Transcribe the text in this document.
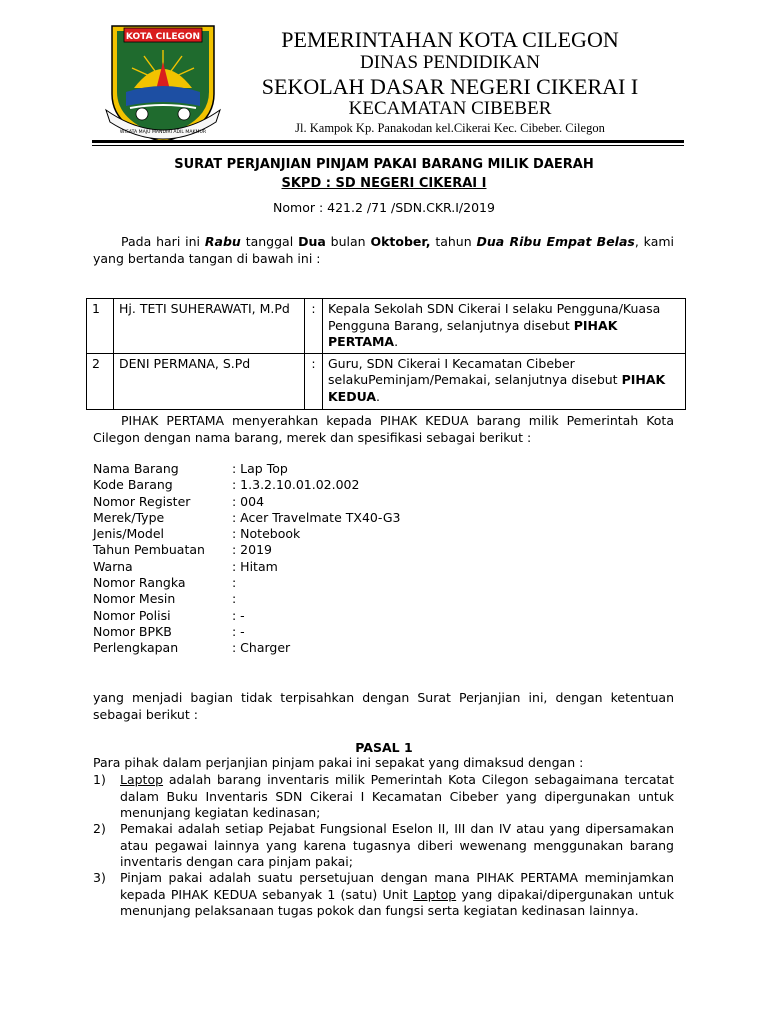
KOTA CILEGON
WISATA MAJU MANDIRI ADIL MAKMUR
PEMERINTAHAN KOTA CILEGON
DINAS PENDIDIKAN
SEKOLAH DASAR NEGERI CIKERAI I
KECAMATAN CIBEBER
Jl. Kampok Kp. Panakodan kel.Cikerai Kec. Cibeber. Cilegon
SURAT PERJANJIAN PINJAM PAKAI BARANG MILIK DAERAH
SKPD : SD NEGERI CIKERAI I
Nomor : 421.2 /71 /SDN.CKR.I/2019
Pada hari ini Rabu tanggal Dua bulan Oktober, tahun Dua Ribu Empat Belas, kami yang bertanda tangan di bawah ini :
1	Hj. TETI SUHERAWATI, M.Pd	:	Kepala Sekolah SDN Cikerai I selaku Pengguna/Kuasa Pengguna Barang, selanjutnya disebut PIHAK PERTAMA.
2	DENI PERMANA, S.Pd	:	Guru, SDN Cikerai I Kecamatan Cibeber selakuPeminjam/Pemakai, selanjutnya disebut PIHAK KEDUA.
PIHAK PERTAMA menyerahkan kepada PIHAK KEDUA barang milik Pemerintah Kota Cilegon dengan nama barang, merek dan spesifikasi sebagai berikut :
Nama Barang	: Lap Top
Kode Barang	: 1.3.2.10.01.02.002
Nomor Register	: 004
Merek/Type	: Acer Travelmate TX40-G3
Jenis/Model	: Notebook
Tahun Pembuatan : 2019
Warna	: Hitam
Nomor Rangka	:
Nomor Mesin	:
Nomor Polisi	: -
Nomor BPKB	: -
Perlengkapan	: Charger
yang menjadi bagian tidak terpisahkan dengan Surat Perjanjian ini, dengan ketentuan sebagai berikut :
PASAL 1
Para pihak dalam perjanjian pinjam pakai ini sepakat yang dimaksud dengan :
1) Laptop adalah barang inventaris milik Pemerintah Kota Cilegon sebagaimana tercatat dalam Buku Inventaris SDN Cikerai I Kecamatan Cibeber yang dipergunakan untuk menunjang kegiatan kedinasan;
2) Pemakai adalah setiap Pejabat Fungsional Eselon II, III dan IV atau yang dipersamakan atau pegawai lainnya yang karena tugasnya diberi wewenang menggunakan barang inventaris dengan cara pinjam pakai;
3) Pinjam pakai adalah suatu persetujuan dengan mana PIHAK PERTAMA meminjamkan kepada PIHAK KEDUA sebanyak 1 (satu) Unit Laptop yang dipakai/dipergunakan untuk menunjang pelaksanaan tugas pokok dan fungsi serta kegiatan kedinasan lainnya.
